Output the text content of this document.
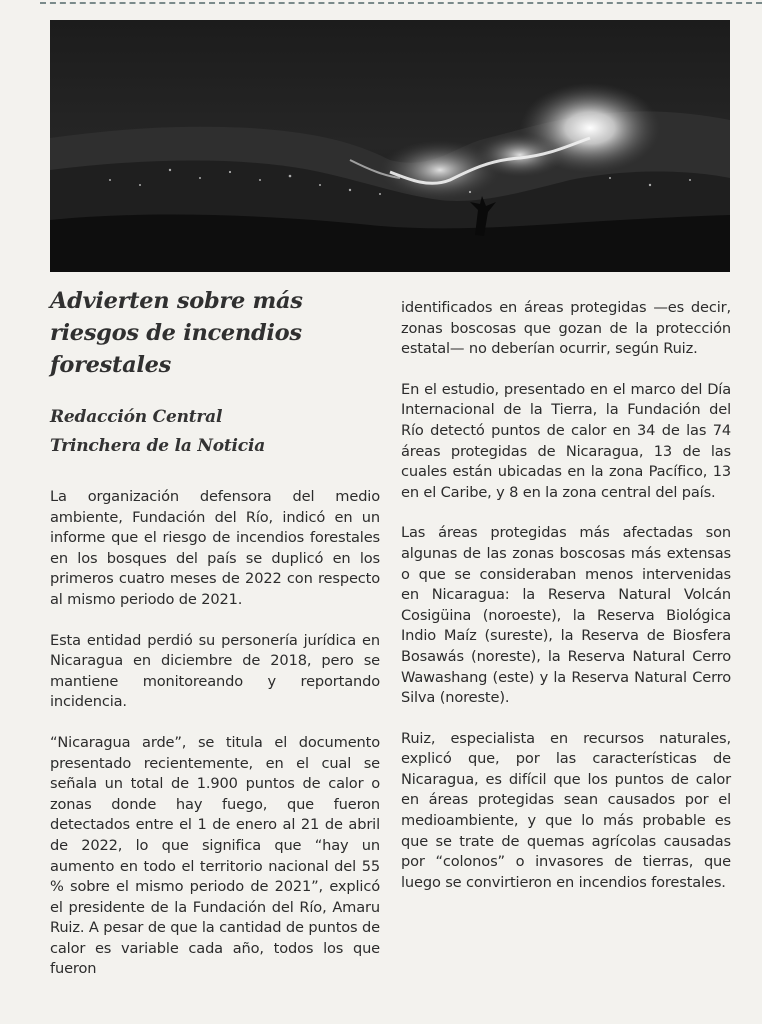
Advierten sobre más riesgos de incendios forestales
Redacción Central
Trinchera de la Noticia

La organización defensora del medio ambiente, Fundación del Río, indicó en un informe que el riesgo de incendios forestales en los bosques del país se duplicó en los primeros cuatro meses de 2022 con respecto al mismo periodo de 2021.

Esta entidad perdió su personería jurídica en Nicaragua en diciembre de 2018, pero se mantiene monitoreando y reportando incidencia.

“Nicaragua arde”, se titula el documento presentado recientemente, en el cual se señala un total de 1.900 puntos de calor o zonas donde hay fuego, que fueron detectados entre el 1 de enero al 21 de abril de 2022, lo que significa que “hay un aumento en todo el territorio nacional del 55 % sobre el mismo periodo de 2021”, explicó el presidente de la Fundación del Río, Amaru Ruiz. A pesar de que la cantidad de puntos de calor es variable cada año, todos los que fueron

identificados en áreas protegidas —es decir, zonas boscosas que gozan de la protección estatal— no deberían ocurrir, según Ruiz.

En el estudio, presentado en el marco del Día Internacional de la Tierra, la Fundación del Río detectó puntos de calor en 34 de las 74 áreas protegidas de Nicaragua, 13 de las cuales están ubicadas en la zona Pacífico, 13 en el Caribe, y 8 en la zona central del país.

Las áreas protegidas más afectadas son algunas de las zonas boscosas más extensas o que se consideraban menos intervenidas en Nicaragua: la Reserva Natural Volcán Cosigüina (noroeste), la Reserva Biológica Indio Maíz (sureste), la Reserva de Biosfera Bosawás (noreste), la Reserva Natural Cerro Wawashang (este) y la Reserva Natural Cerro Silva (noreste).

Ruiz, especialista en recursos naturales, explicó que, por las características de Nicaragua, es difícil que los puntos de calor en áreas protegidas sean causados por el medioambiente, y que lo más probable es que se trate de quemas agrícolas causadas por “colonos” o invasores de tierras, que luego se convirtieron en incendios forestales.
